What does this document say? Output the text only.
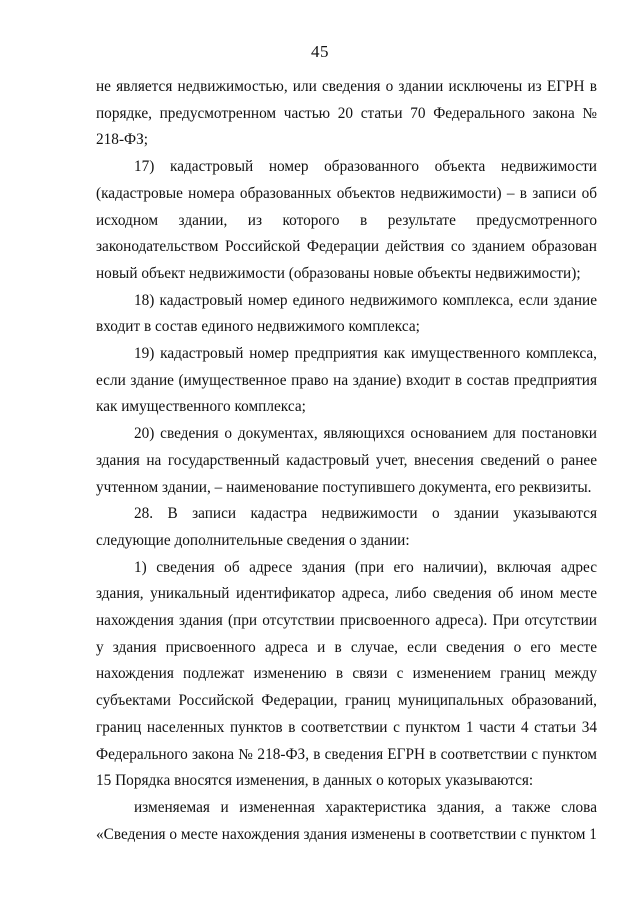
45

не является недвижимостью, или сведения о здании исключены из ЕГРН в порядке, предусмотренном частью 20 статьи 70 Федерального закона № 218-ФЗ;

17) кадастровый номер образованного объекта недвижимости (кадастровые номера образованных объектов недвижимости) – в записи об исходном здании, из которого в результате предусмотренного законодательством Российской Федерации действия со зданием образован новый объект недвижимости (образованы новые объекты недвижимости);

18) кадастровый номер единого недвижимого комплекса, если здание входит в состав единого недвижимого комплекса;

19) кадастровый номер предприятия как имущественного комплекса, если здание (имущественное право на здание) входит в состав предприятия как имущественного комплекса;

20) сведения о документах, являющихся основанием для постановки здания на государственный кадастровый учет, внесения сведений о ранее учтенном здании, – наименование поступившего документа, его реквизиты.

28. В записи кадастра недвижимости о здании указываются следующие дополнительные сведения о здании:

1) сведения об адресе здания (при его наличии), включая адрес здания, уникальный идентификатор адреса, либо сведения об ином месте нахождения здания (при отсутствии присвоенного адреса). При отсутствии у здания присвоенного адреса и в случае, если сведения о его месте нахождения подлежат изменению в связи с изменением границ между субъектами Российской Федерации, границ муниципальных образований, границ населенных пунктов в соответствии с пунктом 1 части 4 статьи 34 Федерального закона № 218-ФЗ, в сведения ЕГРН в соответствии с пунктом 15 Порядка вносятся изменения, в данных о которых указываются:

изменяемая и измененная характеристика здания, а также слова «Сведения о месте нахождения здания изменены в соответствии с пунктом 1
